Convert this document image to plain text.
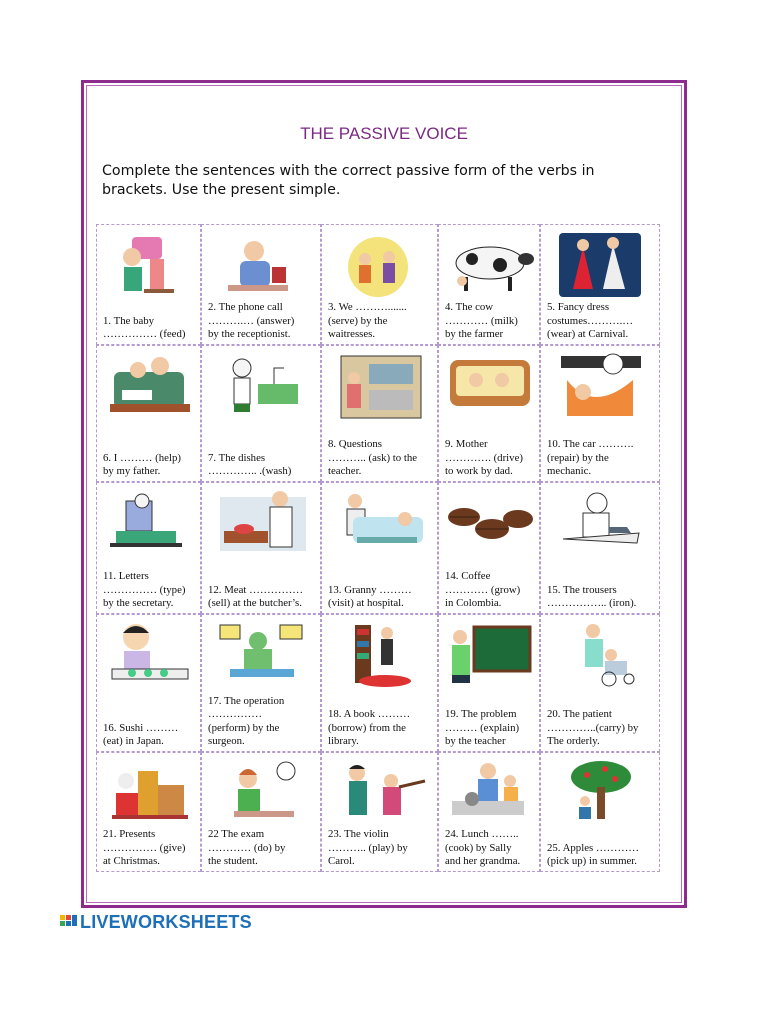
THE PASSIVE VOICE
Complete the sentences with the correct passive form of the verbs in brackets. Use the present simple.
1. The baby
…………… (feed)
2. The phone call
……….… (answer)
by the receptionist.
3. We ……….......
(serve) by the
waitresses.
4. The cow
………… (milk)
by the farmer
5. Fancy dress
costumes……….…
(wear) at Carnival.
6. I ……… (help)
by my father.
7. The dishes
………….. .(wash)
8. Questions
……….. (ask) to the
teacher.
9. Mother
…………. (drive)
to work by dad.
10. The car ……….
(repair) by the
mechanic.
11. Letters
…………… (type)
by the secretary.
12. Meat ……………
(sell) at the butcher’s.
13. Granny ………
(visit) at hospital.
14. Coffee
………… (grow)
in Colombia.
15. The trousers
…………….. (iron).
16. Sushi ………
(eat) in Japan.
17. The operation
……………
(perform) by the
surgeon.
18. A book ………
(borrow) from the
library.
19. The problem
……… (explain)
by the teacher
20. The patient
…………..(carry) by
The orderly.
21. Presents
…………… (give)
at Christmas.
22 The exam
………… (do) by
the student.
23. The violin
……….. (play) by
Carol.
24. Lunch ……..
(cook) by Sally
and her grandma.
25. Apples …………
(pick up) in summer.
LIVEWORKSHEETS
